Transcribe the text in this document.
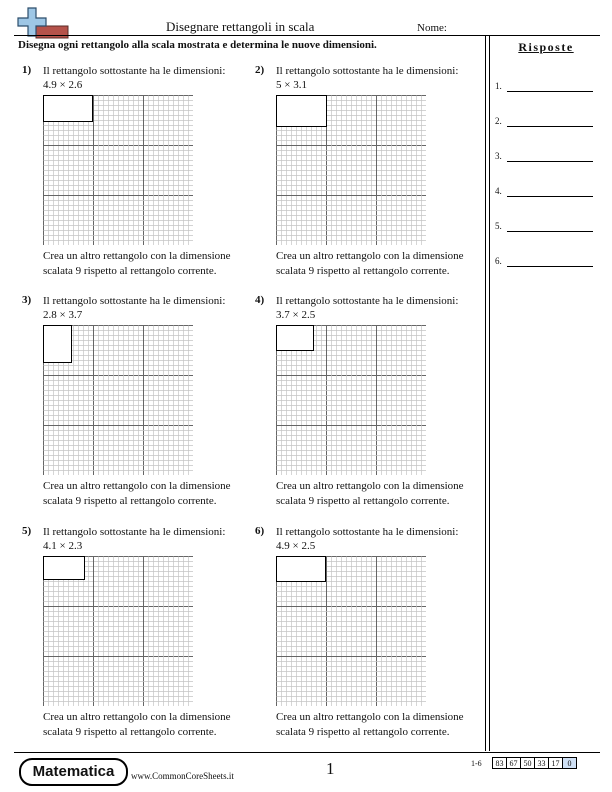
Disegnare rettangoli in scala	Nome:
Disegna ogni rettangolo alla scala mostrata e determina le nuove dimensioni.	Risposte
1.
2.
3.
4.
5.
6.
1) Il rettangolo sottostante ha le dimensioni:
4.9 × 2.6
Crea un altro rettangolo con la dimensione
scalata 9 rispetto al rettangolo corrente.
2) Il rettangolo sottostante ha le dimensioni:
5 × 3.1
Crea un altro rettangolo con la dimensione
scalata 9 rispetto al rettangolo corrente.
3) Il rettangolo sottostante ha le dimensioni:
2.8 × 3.7
Crea un altro rettangolo con la dimensione
scalata 9 rispetto al rettangolo corrente.
4) Il rettangolo sottostante ha le dimensioni:
3.7 × 2.5
Crea un altro rettangolo con la dimensione
scalata 9 rispetto al rettangolo corrente.
5) Il rettangolo sottostante ha le dimensioni:
4.1 × 2.3
Crea un altro rettangolo con la dimensione
scalata 9 rispetto al rettangolo corrente.
6) Il rettangolo sottostante ha le dimensioni:
4.9 × 2.5
Crea un altro rettangolo con la dimensione
scalata 9 rispetto al rettangolo corrente.
Matematica	www.CommonCoreSheets.it	1	1-6 83	67	50	33	17	0
